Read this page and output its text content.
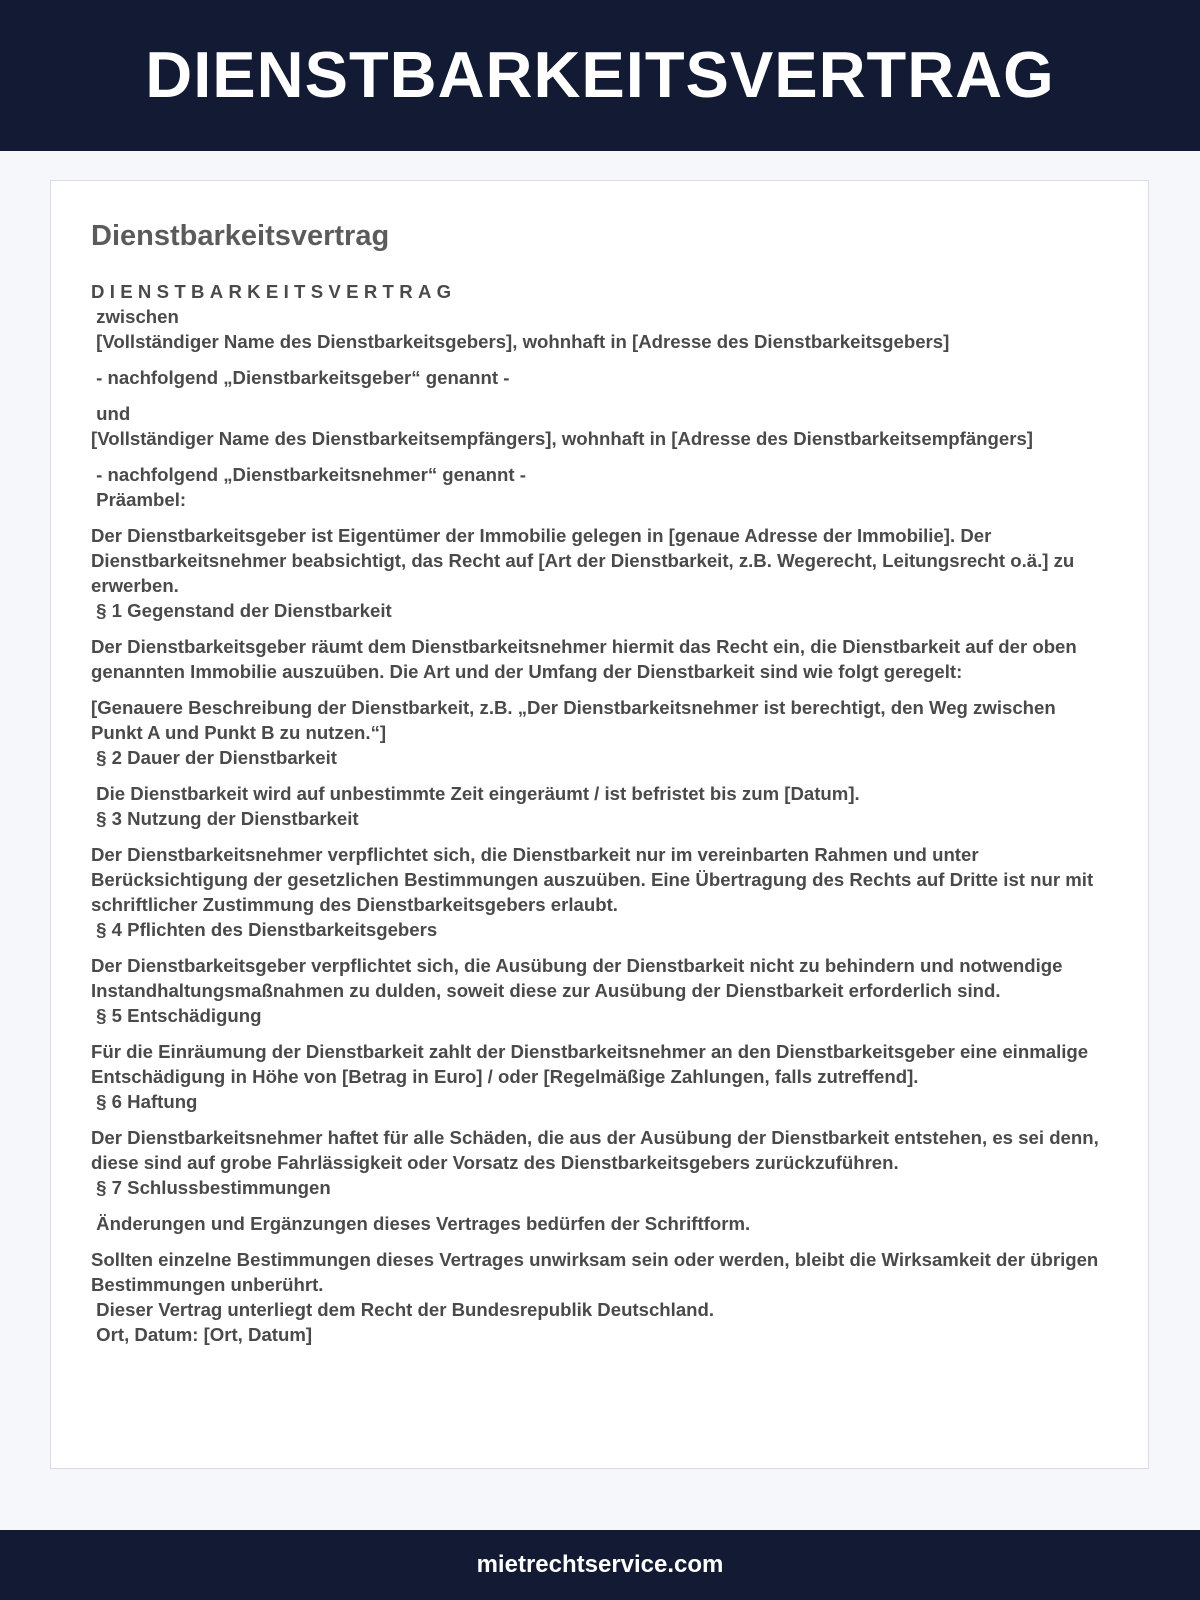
DIENSTBARKEITSVERTRAG
Dienstbarkeitsvertrag
DIENSTBARKEITSVERTRAG

zwischen
[Vollständiger Name des Dienstbarkeitsgebers], wohnhaft in [Adresse des Dienstbarkeitsgebers]

- nachfolgend „Dienstbarkeitsgeber“ genannt -

und
[Vollständiger Name des Dienstbarkeitsempfängers], wohnhaft in [Adresse des Dienstbarkeitsempfängers]

- nachfolgend „Dienstbarkeitsnehmer“ genannt -
Präambel:

Der Dienstbarkeitsgeber ist Eigentümer der Immobilie gelegen in [genaue Adresse der Immobilie]. Der Dienstbarkeitsnehmer beabsichtigt, das Recht auf [Art der Dienstbarkeit, z.B. Wegerecht, Leitungsrecht o.ä.] zu erwerben.
§ 1 Gegenstand der Dienstbarkeit

Der Dienstbarkeitsgeber räumt dem Dienstbarkeitsnehmer hiermit das Recht ein, die Dienstbarkeit auf der oben genannten Immobilie auszuüben. Die Art und der Umfang der Dienstbarkeit sind wie folgt geregelt:

[Genauere Beschreibung der Dienstbarkeit, z.B. „Der Dienstbarkeitsnehmer ist berechtigt, den Weg zwischen Punkt A und Punkt B zu nutzen.“]
§ 2 Dauer der Dienstbarkeit

Die Dienstbarkeit wird auf unbestimmte Zeit eingeräumt / ist befristet bis zum [Datum].
§ 3 Nutzung der Dienstbarkeit

Der Dienstbarkeitsnehmer verpflichtet sich, die Dienstbarkeit nur im vereinbarten Rahmen und unter Berücksichtigung der gesetzlichen Bestimmungen auszuüben. Eine Übertragung des Rechts auf Dritte ist nur mit schriftlicher Zustimmung des Dienstbarkeitsgebers erlaubt.
§ 4 Pflichten des Dienstbarkeitsgebers

Der Dienstbarkeitsgeber verpflichtet sich, die Ausübung der Dienstbarkeit nicht zu behindern und notwendige Instandhaltungsmaßnahmen zu dulden, soweit diese zur Ausübung der Dienstbarkeit erforderlich sind.
§ 5 Entschädigung

Für die Einräumung der Dienstbarkeit zahlt der Dienstbarkeitsnehmer an den Dienstbarkeitsgeber eine einmalige Entschädigung in Höhe von [Betrag in Euro] / oder [Regelmäßige Zahlungen, falls zutreffend].
§ 6 Haftung

Der Dienstbarkeitsnehmer haftet für alle Schäden, die aus der Ausübung der Dienstbarkeit entstehen, es sei denn, diese sind auf grobe Fahrlässigkeit oder Vorsatz des Dienstbarkeitsgebers zurückzuführen.
§ 7 Schlussbestimmungen

Änderungen und Ergänzungen dieses Vertrages bedürfen der Schriftform.

Sollten einzelne Bestimmungen dieses Vertrages unwirksam sein oder werden, bleibt die Wirksamkeit der übrigen Bestimmungen unberührt.
Dieser Vertrag unterliegt dem Recht der Bundesrepublik Deutschland.
Ort, Datum: [Ort, Datum]

mietrechtservice.com
